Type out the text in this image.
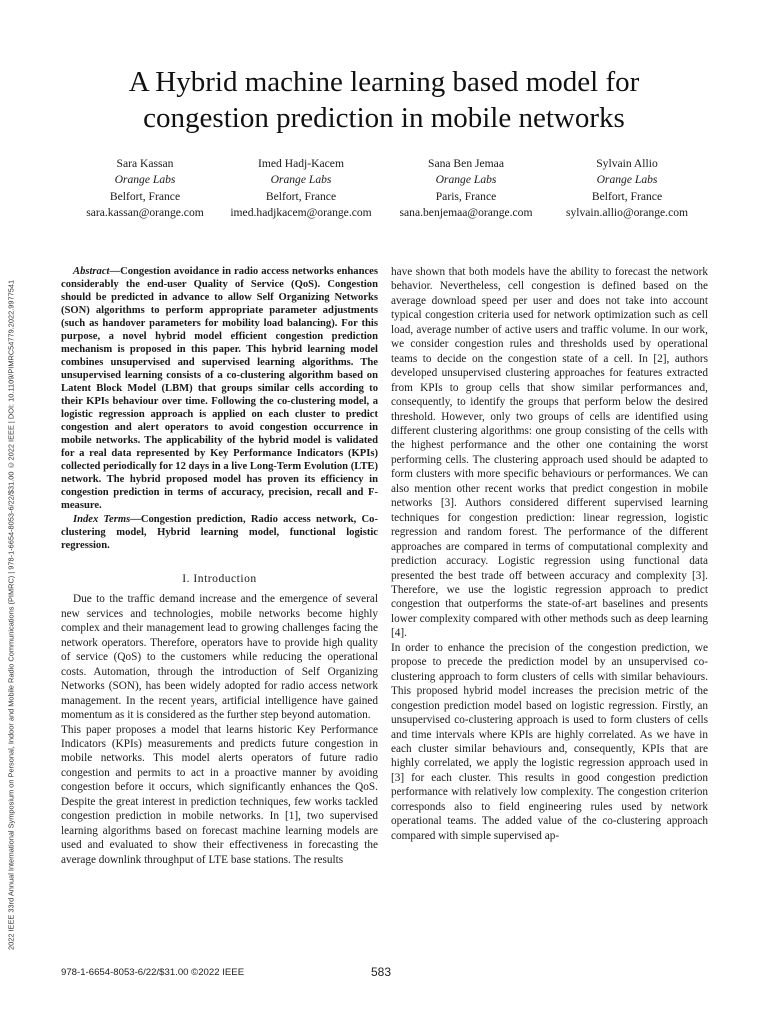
2022 IEEE 33rd Annual International Symposium on Personal, Indoor and Mobile Radio Communications (PIMRC) | 978-1-6654-8053-6/22/$31.00 ©2022 IEEE | DOI: 10.1109/PIMRC54779.2022.9977541
A Hybrid machine learning based model for
congestion prediction in mobile networks
Sara Kassan
Orange Labs
Belfort, France
sara.kassan@orange.com
Imed Hadj-Kacem
Orange Labs
Belfort, France
imed.hadjkacem@orange.com
Sana Ben Jemaa
Orange Labs
Paris, France
sana.benjemaa@orange.com
Sylvain Allio
Orange Labs
Belfort, France
sylvain.allio@orange.com

Abstract—Congestion avoidance in radio access networks enhances considerably the end-user Quality of Service (QoS). Congestion should be predicted in advance to allow Self Organizing Networks (SON) algorithms to perform appropriate parameter adjustments (such as handover parameters for mobility load balancing). For this purpose, a novel hybrid model efficient congestion prediction mechanism is proposed in this paper. This hybrid learning model combines unsupervised and supervised learning algorithms. The unsupervised learning consists of a co-clustering algorithm based on Latent Block Model (LBM) that groups similar cells according to their KPIs behaviour over time. Following the co-clustering model, a logistic regression approach is applied on each cluster to predict congestion and alert operators to avoid congestion occurrence in mobile networks. The applicability of the hybrid model is validated for a real data represented by Key Performance Indicators (KPIs) collected periodically for 12 days in a live Long-Term Evolution (LTE) network. The hybrid proposed model has proven its efficiency in congestion prediction in terms of accuracy, precision, recall and F-measure.

Index Terms—Congestion prediction, Radio access network, Co-clustering model, Hybrid learning model, functional logistic regression.

I. Introduction

Due to the traffic demand increase and the emergence of several new services and technologies, mobile networks become highly complex and their management lead to growing challenges facing the network operators. Therefore, operators have to provide high quality of service (QoS) to the customers while reducing the operational costs. Automation, through the introduction of Self Organizing Networks (SON), has been widely adopted for radio access network management. In the recent years, artificial intelligence have gained momentum as it is considered as the further step beyond automation.

This paper proposes a model that learns historic Key Performance Indicators (KPIs) measurements and predicts future congestion in mobile networks. This model alerts operators of future radio congestion and permits to act in a proactive manner by avoiding congestion before it occurs, which significantly enhances the QoS. Despite the great interest in prediction techniques, few works tackled congestion prediction in mobile networks. In [1], two supervised learning algorithms based on forecast machine learning models are used and evaluated to show their effectiveness in forecasting the average downlink throughput of LTE base stations. The results

have shown that both models have the ability to forecast the network behavior. Nevertheless, cell congestion is defined based on the average download speed per user and does not take into account typical congestion criteria used for network optimization such as cell load, average number of active users and traffic volume. In our work, we consider congestion rules and thresholds used by operational teams to decide on the congestion state of a cell. In [2], authors developed unsupervised clustering approaches for features extracted from KPIs to group cells that show similar performances and, consequently, to identify the groups that perform below the desired threshold. However, only two groups of cells are identified using different clustering algorithms: one group consisting of the cells with the highest performance and the other one containing the worst performing cells. The clustering approach used should be adapted to form clusters with more specific behaviours or performances. We can also mention other recent works that predict congestion in mobile networks [3]. Authors considered different supervised learning techniques for congestion prediction: linear regression, logistic regression and random forest. The performance of the different approaches are compared in terms of computational complexity and prediction accuracy. Logistic regression using functional data presented the best trade off between accuracy and complexity [3]. Therefore, we use the logistic regression approach to predict congestion that outperforms the state-of-art baselines and presents lower complexity compared with other methods such as deep learning [4].

In order to enhance the precision of the congestion prediction, we propose to precede the prediction model by an unsupervised co-clustering approach to form clusters of cells with similar behaviours. This proposed hybrid model increases the precision metric of the congestion prediction model based on logistic regression. Firstly, an unsupervised co-clustering approach is used to form clusters of cells and time intervals where KPIs are highly correlated. As we have in each cluster similar behaviours and, consequently, KPIs that are highly correlated, we apply the logistic regression approach used in [3] for each cluster. This results in good congestion prediction performance with relatively low complexity. The congestion criterion corresponds also to field engineering rules used by network operational teams. The added value of the co-clustering approach compared with simple supervised ap-

978-1-6654-8053-6/22/$31.00 ©2022 IEEE	583
